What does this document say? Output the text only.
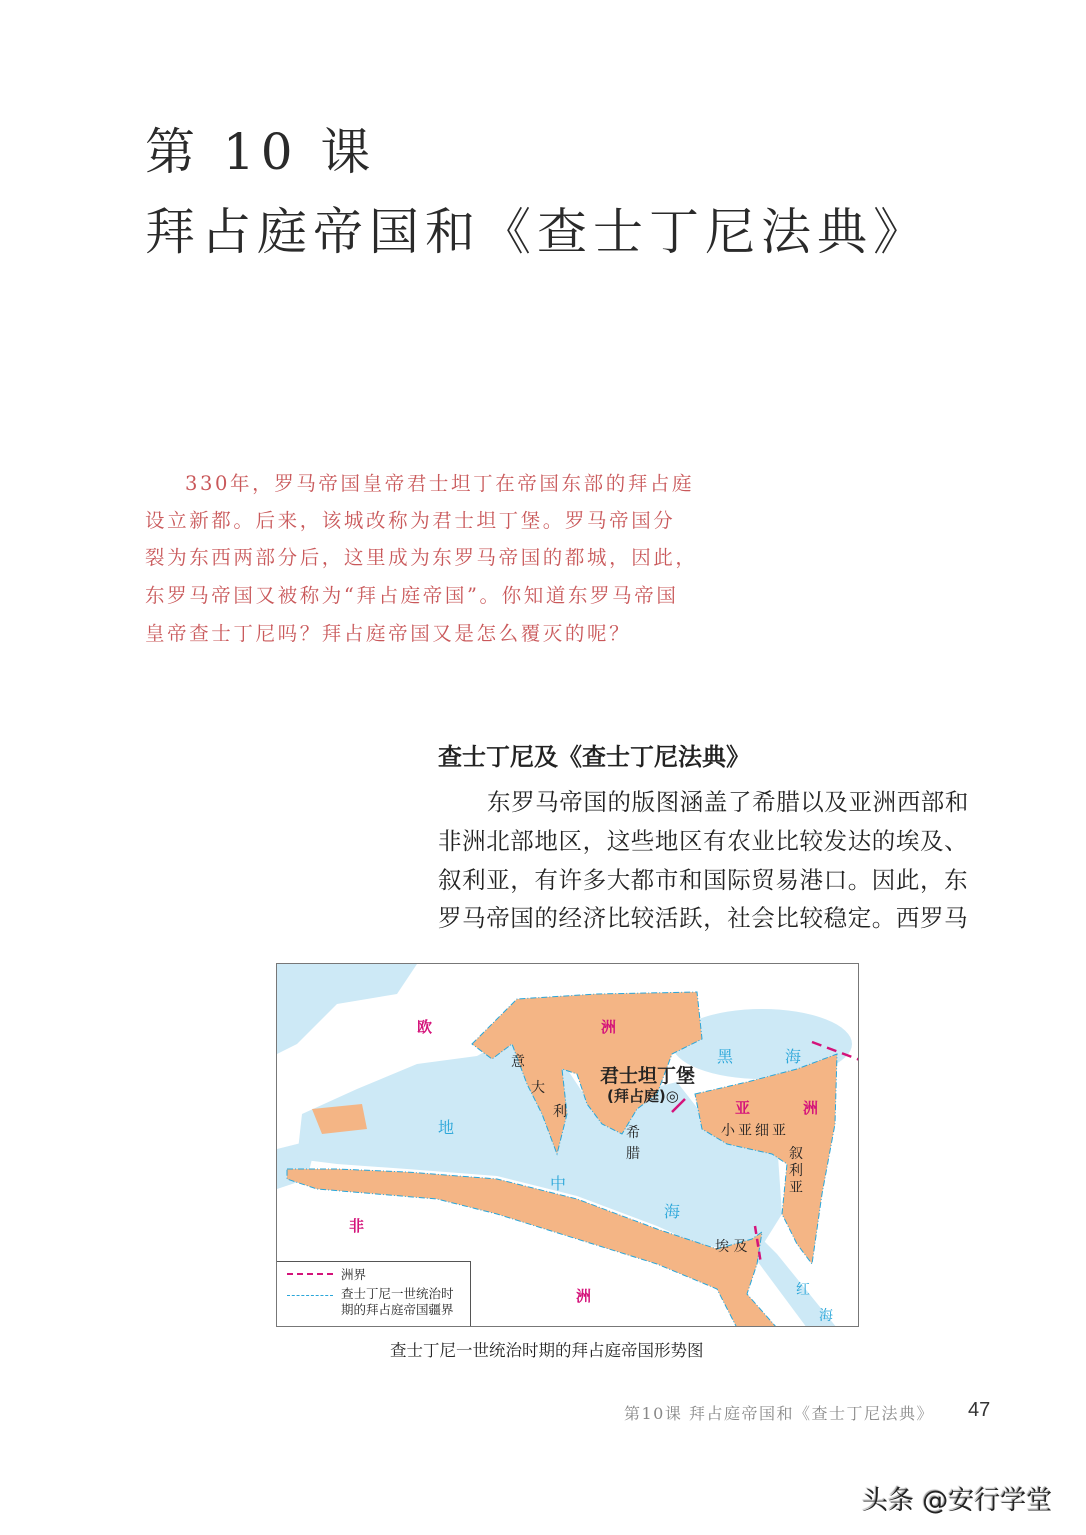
第 10 课
拜占庭帝国和《查士丁尼法典》
330年，罗马帝国皇帝君士坦丁在帝国东部的拜占庭
设立新都。后来，该城改称为君士坦丁堡。罗马帝国分
裂为东西两部分后，这里成为东罗马帝国的都城，因此，
东罗马帝国又被称为“拜占庭帝国”。你知道东罗马帝国
皇帝查士丁尼吗？拜占庭帝国又是怎么覆灭的呢？
查士丁尼及《查士丁尼法典》
东罗马帝国的版图涵盖了希腊以及亚洲西部和
非洲北部地区，这些地区有农业比较发达的埃及、
叙利亚，有许多大都市和国际贸易港口。因此，东
罗马帝国的经济比较活跃，社会比较稳定。西罗马
欧	洲
黑	海
君士坦丁堡
(拜占庭)◎
亚	洲
小亚细亚
叙利亚
意
大
利
希
腊
地
中
海
非
埃 及
洲	红
海
洲界
查士丁尼一世统治时
期的拜占庭帝国疆界
查士丁尼一世统治时期的拜占庭帝国形势图
第10课 拜占庭帝国和《查士丁尼法典》 47
头条 @安行学堂
